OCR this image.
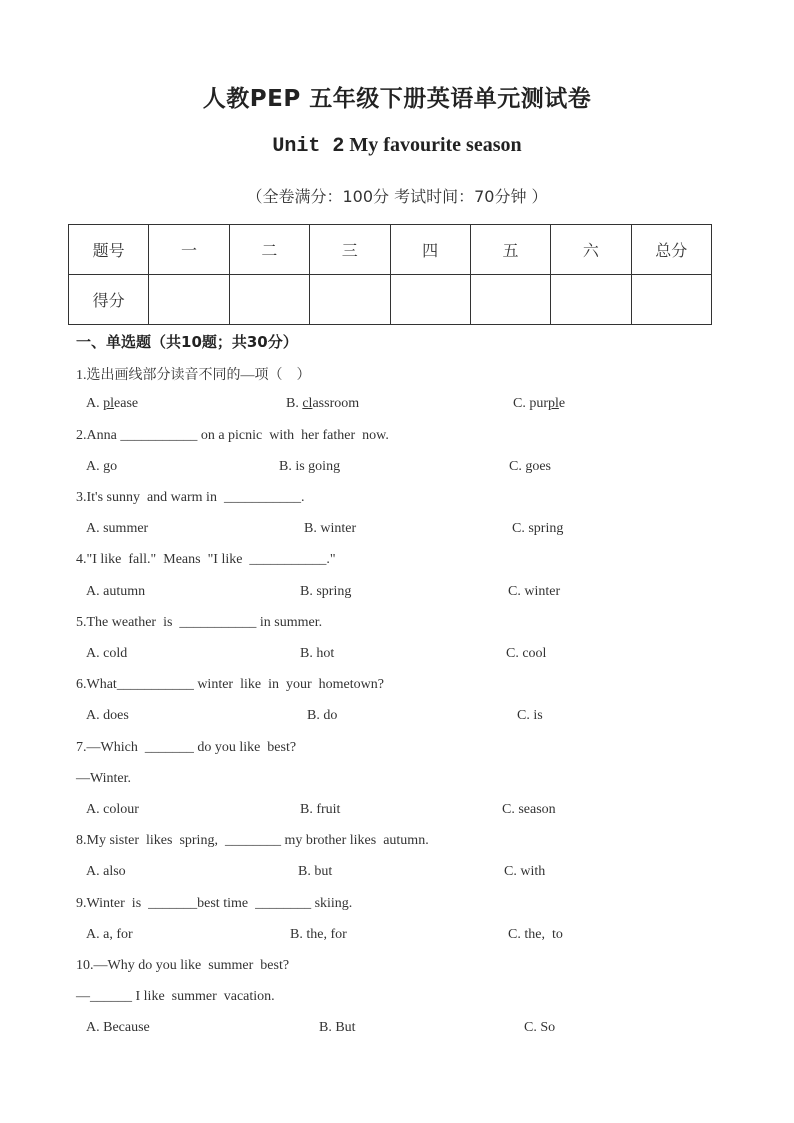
人教PEP 五年级下册英语单元测试卷
Unit 2 My favourite season
（全卷满分：100分 考试时间：70分钟 ）
题号	一	二	三	四	五	六	总分
得分							
一、单选题（共10题；共30分）
1.选出画线部分读音不同的—项（    ）
A. please	B. classroom	C. purple
2.Anna ___________ on a picnic  with  her father  now.
A. go	B. is going	C. goes
3.It's sunny  and warm in  ___________.
A. summer	B. winter	C. spring
4."I like  fall."  Means  "I like  ___________."
A. autumn	B. spring	C. winter
5.The weather  is  ___________ in summer.
A. cold	B. hot	C. cool
6.What___________ winter  like  in  your  hometown?
A. does	B. do	C. is
7.—Which  _______ do you like  best?
—Winter.
A. colour	B. fruit	C. season
8.My sister  likes  spring,  ________ my brother likes  autumn.
A. also	B. but	C. with
9.Winter  is  _______best time  ________ skiing.
A. a, for	B. the, for	C. the,  to
10.—Why do you like  summer  best?
—______ I like  summer  vacation.
A. Because	B. But	C. So
